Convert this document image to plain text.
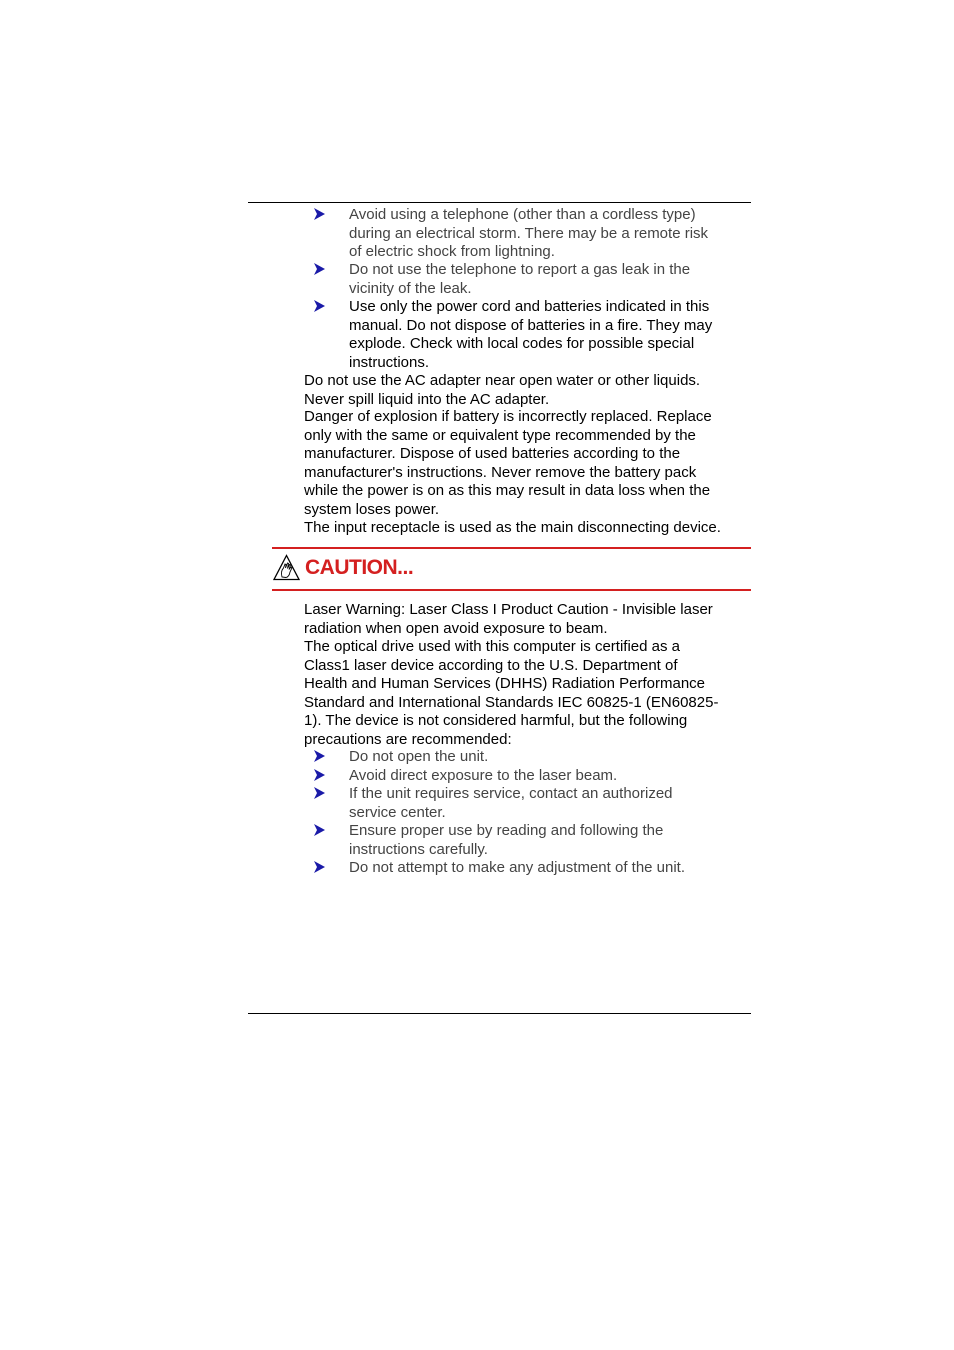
Avoid using a telephone (other than a cordless type)
during an electrical storm. There may be a remote risk
of electric shock from lightning.
Do not use the telephone to report a gas leak in the
vicinity of the leak.
Use only the power cord and batteries indicated in this
manual. Do not dispose of batteries in a fire. They may
explode. Check with local codes for possible special
instructions.
Do not use the AC adapter near open water or other liquids.
Never spill liquid into the AC adapter.
Danger of explosion if battery is incorrectly replaced. Replace
only with the same or equivalent type recommended by the
manufacturer. Dispose of used batteries according to the
manufacturer's instructions. Never remove the battery pack
while the power is on as this may result in data loss when the
system loses power.
The input receptacle is used as the main disconnecting device.
CAUTION...
Laser Warning: Laser Class I Product Caution - Invisible laser
radiation when open avoid exposure to beam.
The optical drive used with this computer is certified as a
Class1 laser device according to the U.S. Department of
Health and Human Services (DHHS) Radiation Performance
Standard and International Standards IEC 60825-1 (EN60825-
1). The device is not considered harmful, but the following
precautions are recommended:
Do not open the unit.
Avoid direct exposure to the laser beam.
If the unit requires service, contact an authorized
service center.
Ensure proper use by reading and following the
instructions carefully.
Do not attempt to make any adjustment of the unit.
